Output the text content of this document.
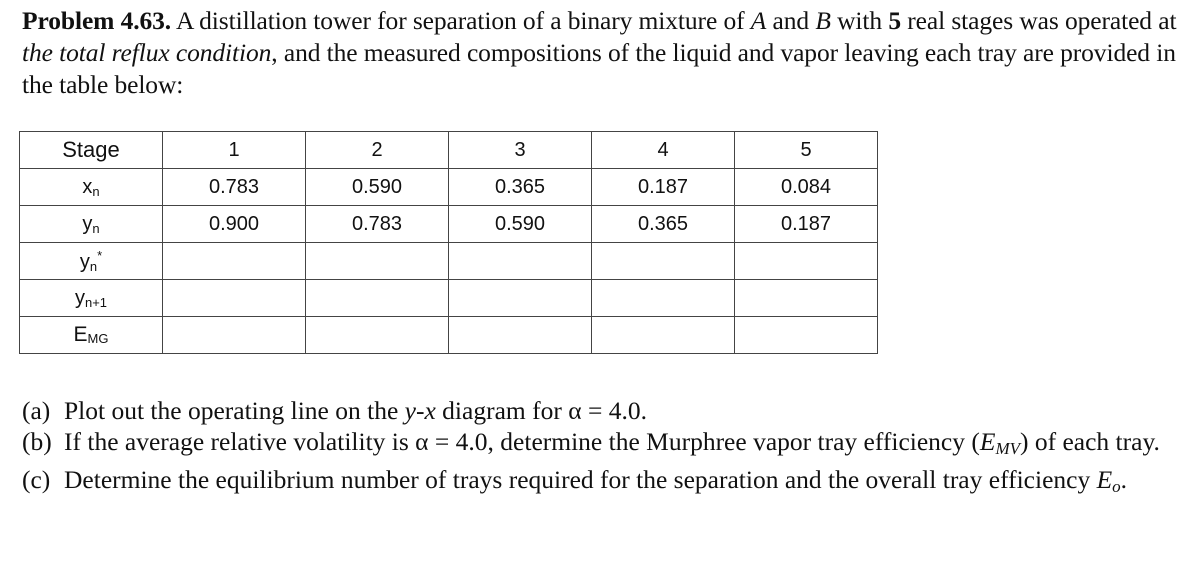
Problem 4.63. A distillation tower for separation of a binary mixture of A and B with 5 real stages was operated at the total reflux condition, and the measured compositions of the liquid and vapor leaving each tray are provided in the table below:
Stage	1	2	3	4	5
$x_n$	0.783	0.590	0.365	0.187	0.084
$y_n$	0.900	0.783	0.590	0.365	0.187
$y_n^*$					
$y_{n+1}$					
$E_{MG}$					
(a) Plot out the operating line on the y-x diagram for α = 4.0.
(b) If the average relative volatility is α = 4.0, determine the Murphree vapor tray efficiency $(E_{MV})$ of each tray.
(c) Determine the equilibrium number of trays required for the separation and the overall tray efficiency $E_o$.
